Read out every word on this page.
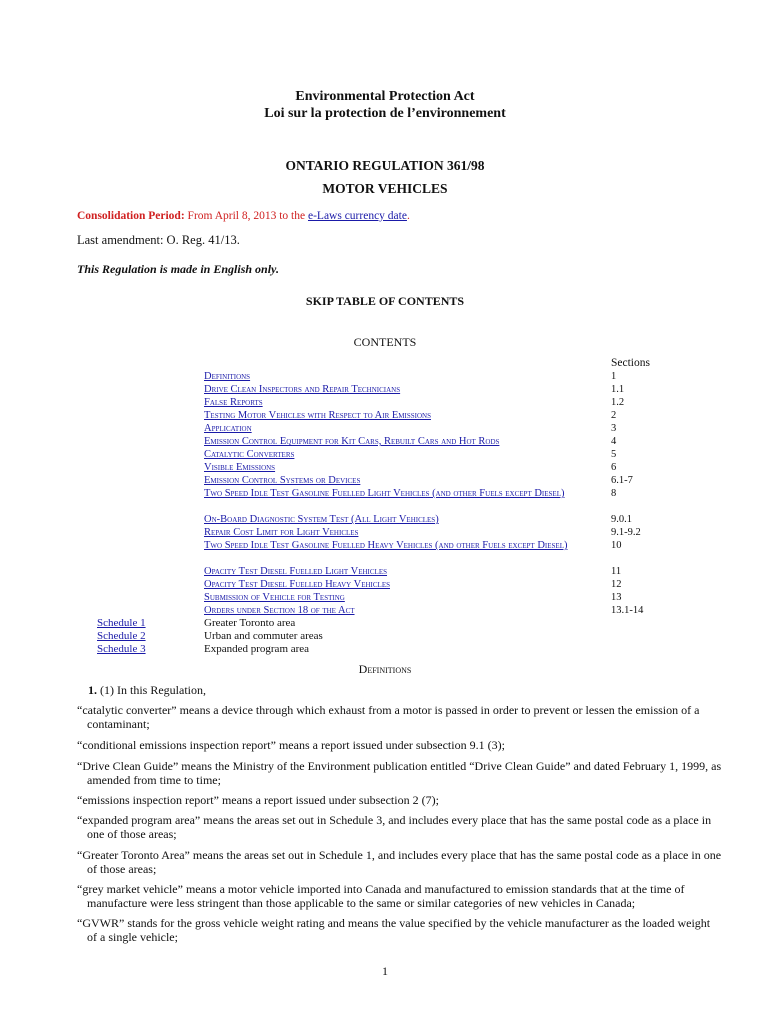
Environmental Protection Act
Loi sur la protection de l’environnement
ONTARIO REGULATION 361/98
MOTOR VEHICLES
Consolidation Period: From April 8, 2013 to the e-Laws currency date.
Last amendment: O. Reg. 41/13.
This Regulation is made in English only.
SKIP TABLE OF CONTENTS
CONTENTS
Sections
Definitions	1
Drive Clean Inspectors and Repair Technicians	1.1
False Reports	1.2
Testing Motor Vehicles with Respect to Air Emissions	2
Application	3
Emission Control Equipment for Kit Cars, Rebuilt Cars and Hot Rods	4
Catalytic Converters	5
Visible Emissions	6
Emission Control Systems or Devices	6.1-7
Two Speed Idle Test Gasoline Fuelled Light Vehicles (and other Fuels except Diesel)	8
On-Board Diagnostic System Test (All Light Vehicles)	9.0.1
Repair Cost Limit for Light Vehicles	9.1-9.2
Two Speed Idle Test Gasoline Fuelled Heavy Vehicles (and other Fuels except Diesel)	10
Opacity Test Diesel Fuelled Light Vehicles	11
Opacity Test Diesel Fuelled Heavy Vehicles	12
Submission of Vehicle for Testing	13
Orders under Section 18 of the Act	13.1-14
Schedule 1	Greater Toronto area
Schedule 2	Urban and commuter areas
Schedule 3	Expanded program area
Definitions
1. (1) In this Regulation,
“catalytic converter” means a device through which exhaust from a motor is passed in order to prevent or lessen the emission of a contaminant;
“conditional emissions inspection report” means a report issued under subsection 9.1 (3);
“Drive Clean Guide” means the Ministry of the Environment publication entitled “Drive Clean Guide” and dated February 1, 1999, as amended from time to time;
“emissions inspection report” means a report issued under subsection 2 (7);
“expanded program area” means the areas set out in Schedule 3, and includes every place that has the same postal code as a place in one of those areas;
“Greater Toronto Area” means the areas set out in Schedule 1, and includes every place that has the same postal code as a place in one of those areas;
“grey market vehicle” means a motor vehicle imported into Canada and manufactured to emission standards that at the time of manufacture were less stringent than those applicable to the same or similar categories of new vehicles in Canada;
“GVWR” stands for the gross vehicle weight rating and means the value specified by the vehicle manufacturer as the loaded weight of a single vehicle;
1
